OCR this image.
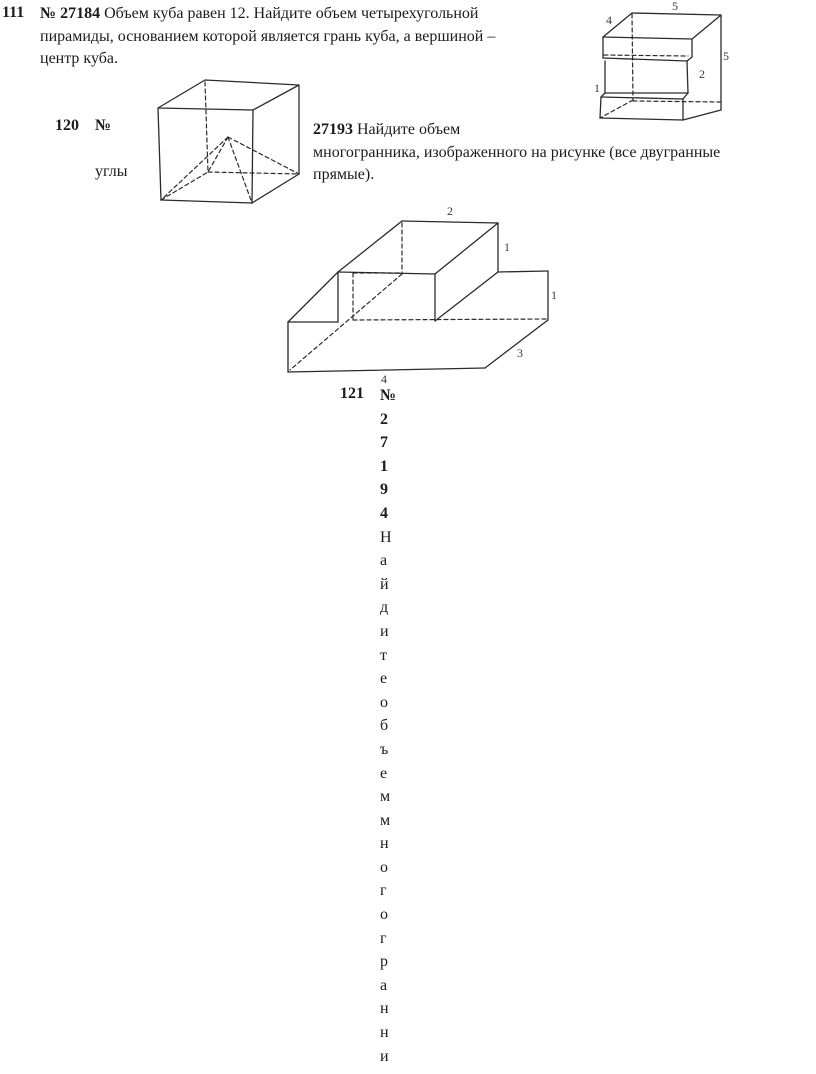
111 № 27184 Объем куба равен 12. Найдите объем четырехугольной
пирамиды, основанием которой является грань куба, а вершиной –
центр куба.
4
5
5
2
1
120 №
углы
27193 Найдите объем
многогранника, изображенного на рисунке (все двугранные
прямые).
2
1
1
3
4
121 №
2
7
1
9
4
Н
а
й
д
и
т
е
о
б
ъ
е
м
м
н
о
г
о
г
р
а
н
н
и
